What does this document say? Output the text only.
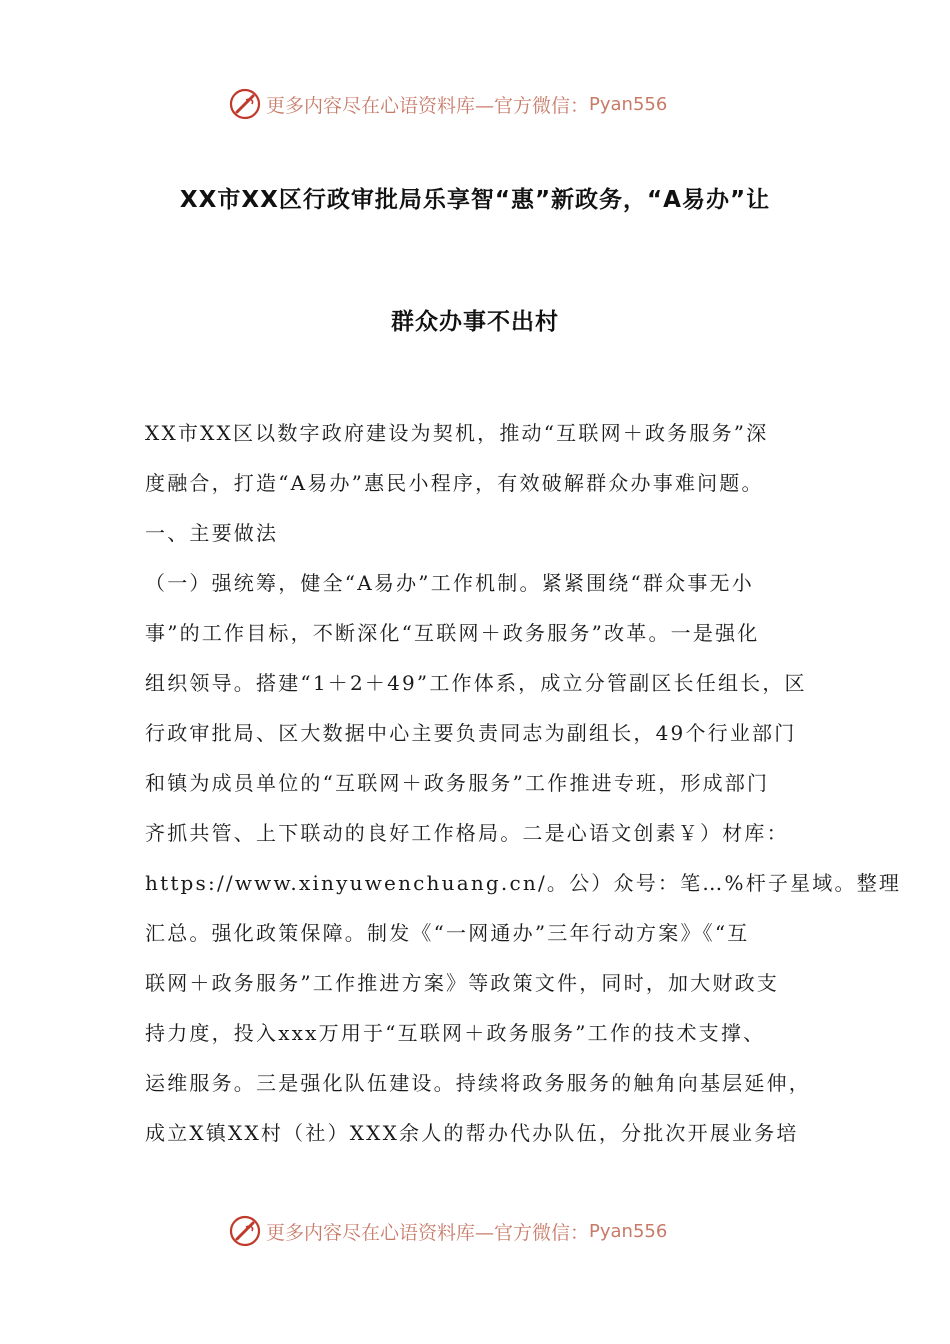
更多内容尽在心语资料库—官方微信： Pyan556
XX市XX区行政审批局乐享智“惠”新政务，“A易办”让
群众办事不出村
XX市XX区以数字政府建设为契机，推动“互联网＋政务服务”深
度融合，打造“A易办”惠民小程序，有效破解群众办事难问题。
一、主要做法
（一）强统筹，健全“A易办”工作机制。紧紧围绕“群众事无小
事”的工作目标，不断深化“互联网＋政务服务”改革。一是强化
组织领导。搭建“1＋2＋49”工作体系，成立分管副区长任组长，区
行政审批局、区大数据中心主要负责同志为副组长，49个行业部门
和镇为成员单位的“互联网＋政务服务”工作推进专班，形成部门
齐抓共管、上下联动的良好工作格局。二是心语文创素￥）材库：
https://www.xinyuwenchuang.cn/。公）众号：笔…%杆子星域。整理
汇总。强化政策保障。制发《“一网通办”三年行动方案》《“互
联网＋政务服务”工作推进方案》等政策文件，同时，加大财政支
持力度，投入xxx万用于“互联网＋政务服务”工作的技术支撑、
运维服务。三是强化队伍建设。持续将政务服务的触角向基层延伸，
成立X镇XX村（社）XXX余人的帮办代办队伍，分批次开展业务培
更多内容尽在心语资料库—官方微信： Pyan556
